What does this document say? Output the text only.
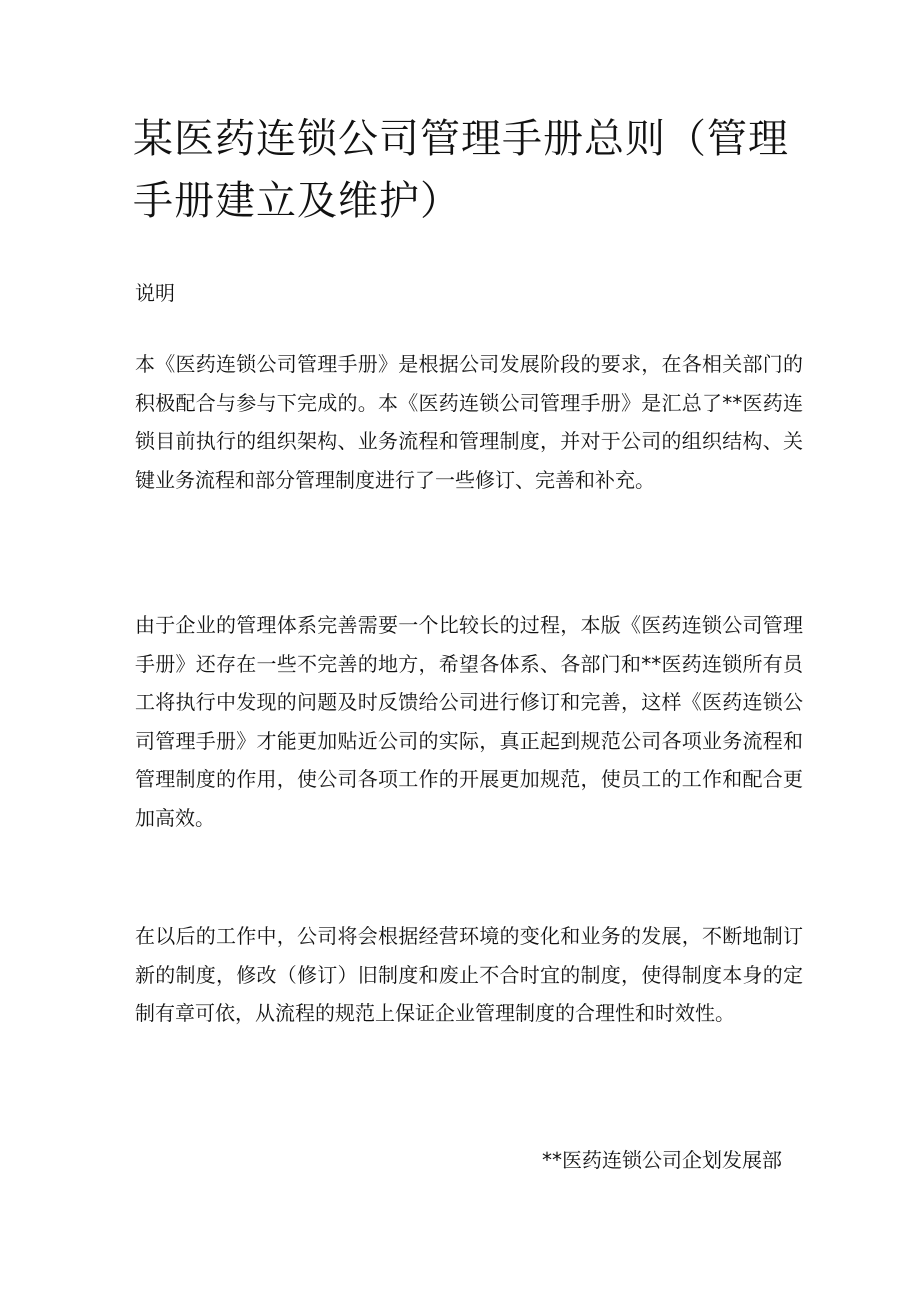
某医药连锁公司管理手册总则（管理手册建立及维护）

说明

本《医药连锁公司管理手册》是根据公司发展阶段的要求，在各相关部门的积极配合与参与下完成的。本《医药连锁公司管理手册》是汇总了**医药连锁目前执行的组织架构、业务流程和管理制度，并对于公司的组织结构、关键业务流程和部分管理制度进行了一些修订、完善和补充。

由于企业的管理体系完善需要一个比较长的过程，本版《医药连锁公司管理手册》还存在一些不完善的地方，希望各体系、各部门和**医药连锁所有员工将执行中发现的问题及时反馈给公司进行修订和完善，这样《医药连锁公司管理手册》才能更加贴近公司的实际，真正起到规范公司各项业务流程和管理制度的作用，使公司各项工作的开展更加规范，使员工的工作和配合更加高效。

在以后的工作中，公司将会根据经营环境的变化和业务的发展，不断地制订新的制度，修改（修订）旧制度和废止不合时宜的制度，使得制度本身的定制有章可依，从流程的规范上保证企业管理制度的合理性和时效性。

**医药连锁公司企划发展部
